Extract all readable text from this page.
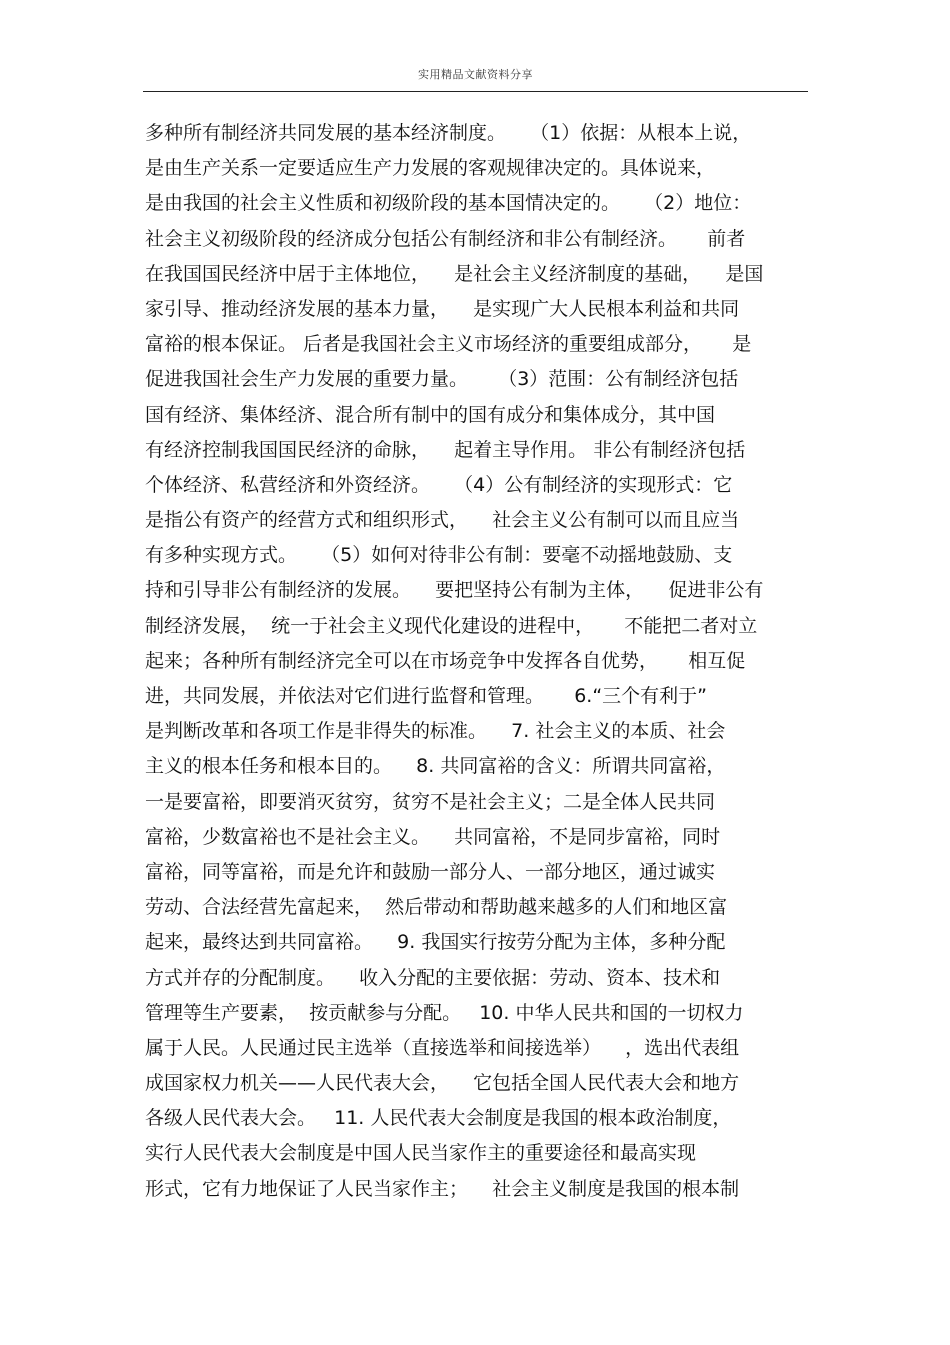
实用精品文献资料分享
多种所有制经济共同发展的基本经济制度。    （1）依据：从根本上说，
是由生产关系一定要适应生产力发展的客观规律决定的。具体说来，
是由我国的社会主义性质和初级阶段的基本国情决定的。    （2）地位：
社会主义初级阶段的经济成分包括公有制经济和非公有制经济。     前者
在我国国民经济中居于主体地位，    是社会主义经济制度的基础，    是国
家引导、推动经济发展的基本力量，    是实现广大人民根本利益和共同
富裕的根本保证。 后者是我国社会主义市场经济的重要组成部分，     是
促进我国社会生产力发展的重要力量。     （3）范围：公有制经济包括
国有经济、集体经济、混合所有制中的国有成分和集体成分，其中国
有经济控制我国国民经济的命脉，    起着主导作用。 非公有制经济包括
个体经济、私营经济和外资经济。    （4）公有制经济的实现形式：它
是指公有资产的经营方式和组织形式，    社会主义公有制可以而且应当
有多种实现方式。    （5）如何对待非公有制：要毫不动摇地鼓励、支
持和引导非公有制经济的发展。    要把坚持公有制为主体，    促进非公有
制经济发展，  统一于社会主义现代化建设的进程中，     不能把二者对立
起来；各种所有制经济完全可以在市场竞争中发挥各自优势，     相互促
进，共同发展，并依法对它们进行监督和管理。     6.“三个有利于”
是判断改革和各项工作是非得失的标准。    7. 社会主义的本质、社会
主义的根本任务和根本目的。    8. 共同富裕的含义：所谓共同富裕，
一是要富裕，即要消灭贫穷，贫穷不是社会主义；二是全体人民共同
富裕，少数富裕也不是社会主义。    共同富裕，不是同步富裕，同时
富裕，同等富裕，而是允许和鼓励一部分人、一部分地区，通过诚实
劳动、合法经营先富起来，  然后带动和帮助越来越多的人们和地区富
起来，最终达到共同富裕。    9. 我国实行按劳分配为主体，多种分配
方式并存的分配制度。    收入分配的主要依据：劳动、资本、技术和
管理等生产要素，  按贡献参与分配。   10. 中华人民共和国的一切权力
属于人民。人民通过民主选举（直接选举和间接选举）    ，选出代表组
成国家权力机关——人民代表大会，    它包括全国人民代表大会和地方
各级人民代表大会。   11. 人民代表大会制度是我国的根本政治制度，
实行人民代表大会制度是中国人民当家作主的重要途径和最高实现
形式，它有力地保证了人民当家作主；    社会主义制度是我国的根本制
